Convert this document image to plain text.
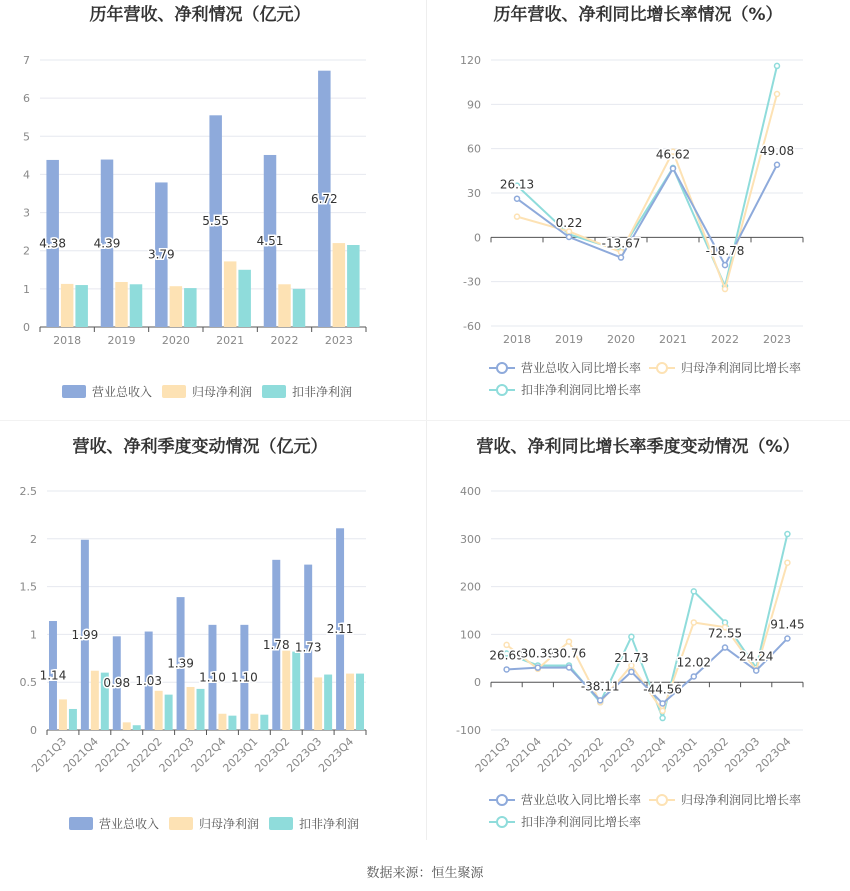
历年营收、净利情况（亿元）
0
1
2
3
4
5
6
7
2018 2019 2020 2021 2022 2023
4.38 4.39
3.79
5.55
4.51
6.72
营业总收入	归母净利润	扣非净利润
历年营收、净利同比增长率情况（%）
-60
-30
0
30
60
90
120
2018 2019 2020 2021 2022 2023
26.13
0.22
-13.67
46.62
-18.78
49.08
营业总收入同比增长率	归母净利润同比增长率
扣非净利润同比增长率
营收、净利季度变动情况（亿元）
0
0.5
1
1.5
2
2.5
2021Q3
2021Q4
2022Q1
2022Q2
2022Q3
2022Q4
2023Q1
2023Q2
2023Q3
2023Q4
1.14
1.99
0.98 1.03
1.39
1.10 1.10
1.78 1.73
2.11
营业总收入	归母净利润	扣非净利润
营收、净利同比增长率季度变动情况（%）
-100
0
100
200
300
400
2021Q3
2021Q4
2022Q1
2022Q2
2022Q3
2022Q4
2023Q1
2023Q2
2023Q3
2023Q4
26.69
30.39
30.76
-38.11
21.73
-44.56
12.02
72.55
24.24
91.45
营业总收入同比增长率	归母净利润同比增长率
扣非净利润同比增长率
数据来源：恒生聚源
